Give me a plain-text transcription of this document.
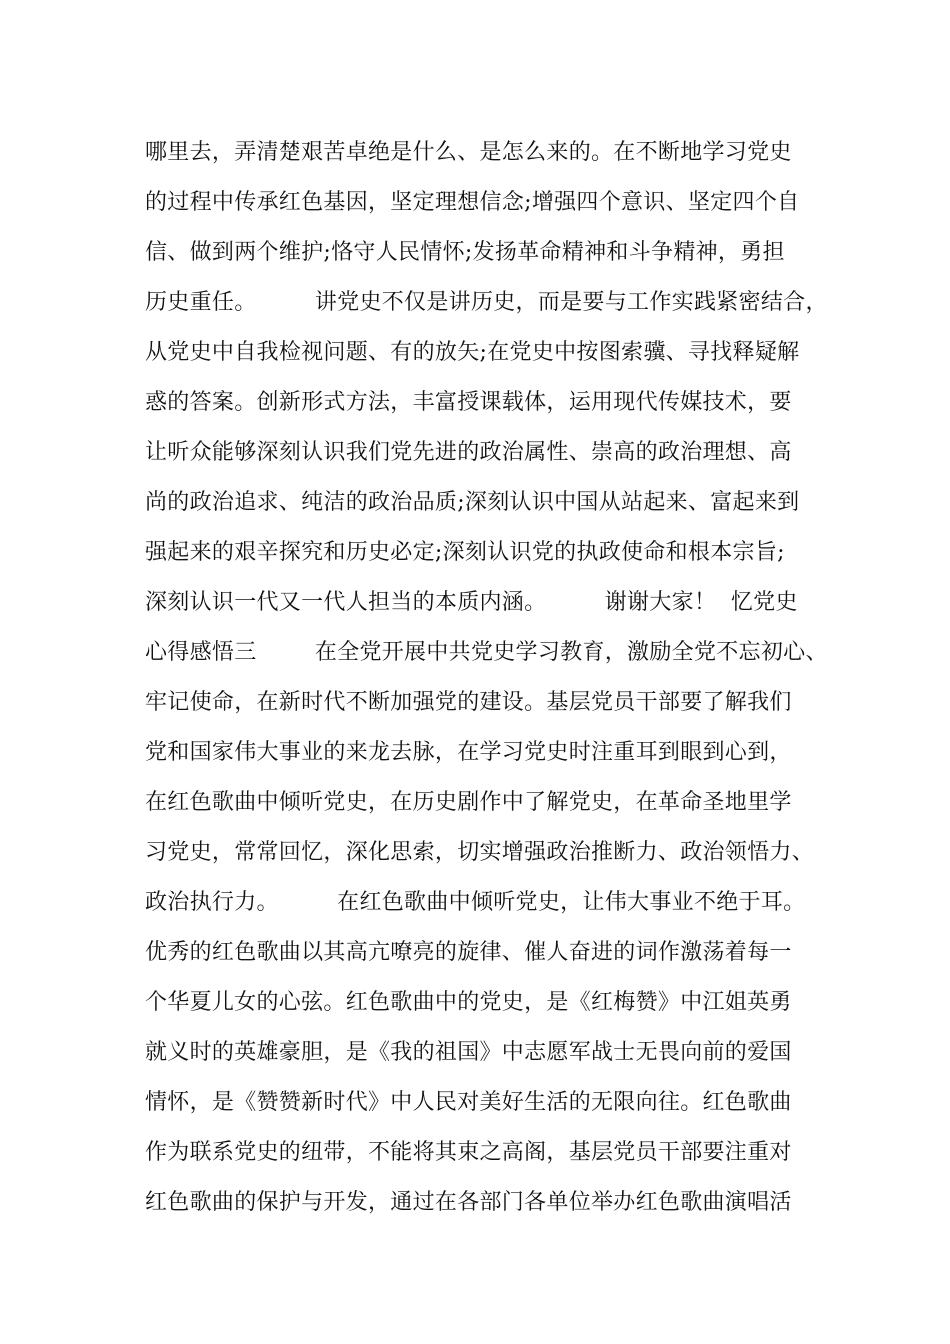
哪里去，弄清楚艰苦卓绝是什么、是怎么来的。在不断地学习党史
的过程中传承红色基因，坚定理想信念;增强四个意识、坚定四个自
信、做到两个维护;恪守人民情怀;发扬革命精神和斗争精神，勇担
历史重任。        讲党史不仅是讲历史，而是要与工作实践紧密结合，
从党史中自我检视问题、有的放矢;在党史中按图索骥、寻找释疑解
惑的答案。创新形式方法，丰富授课载体，运用现代传媒技术，要
让听众能够深刻认识我们党先进的政治属性、崇高的政治理想、高
尚的政治追求、纯洁的政治品质;深刻认识中国从站起来、富起来到
强起来的艰辛探究和历史必定;深刻认识党的执政使命和根本宗旨;
深刻认识一代又一代人担当的本质内涵。        谢谢大家！  忆党史
心得感悟三        在全党开展中共党史学习教育，激励全党不忘初心、
牢记使命，在新时代不断加强党的建设。基层党员干部要了解我们
党和国家伟大事业的来龙去脉，在学习党史时注重耳到眼到心到，
在红色歌曲中倾听党史，在历史剧作中了解党史，在革命圣地里学
习党史，常常回忆，深化思索，切实增强政治推断力、政治领悟力、
政治执行力。        在红色歌曲中倾听党史，让伟大事业不绝于耳。
优秀的红色歌曲以其高亢嘹亮的旋律、催人奋进的词作激荡着每一
个华夏儿女的心弦。红色歌曲中的党史，是《红梅赞》中江姐英勇
就义时的英雄豪胆，是《我的祖国》中志愿军战士无畏向前的爱国
情怀，是《赞赞新时代》中人民对美好生活的无限向往。红色歌曲
作为联系党史的纽带，不能将其束之高阁，基层党员干部要注重对
红色歌曲的保护与开发，通过在各部门各单位举办红色歌曲演唱活
